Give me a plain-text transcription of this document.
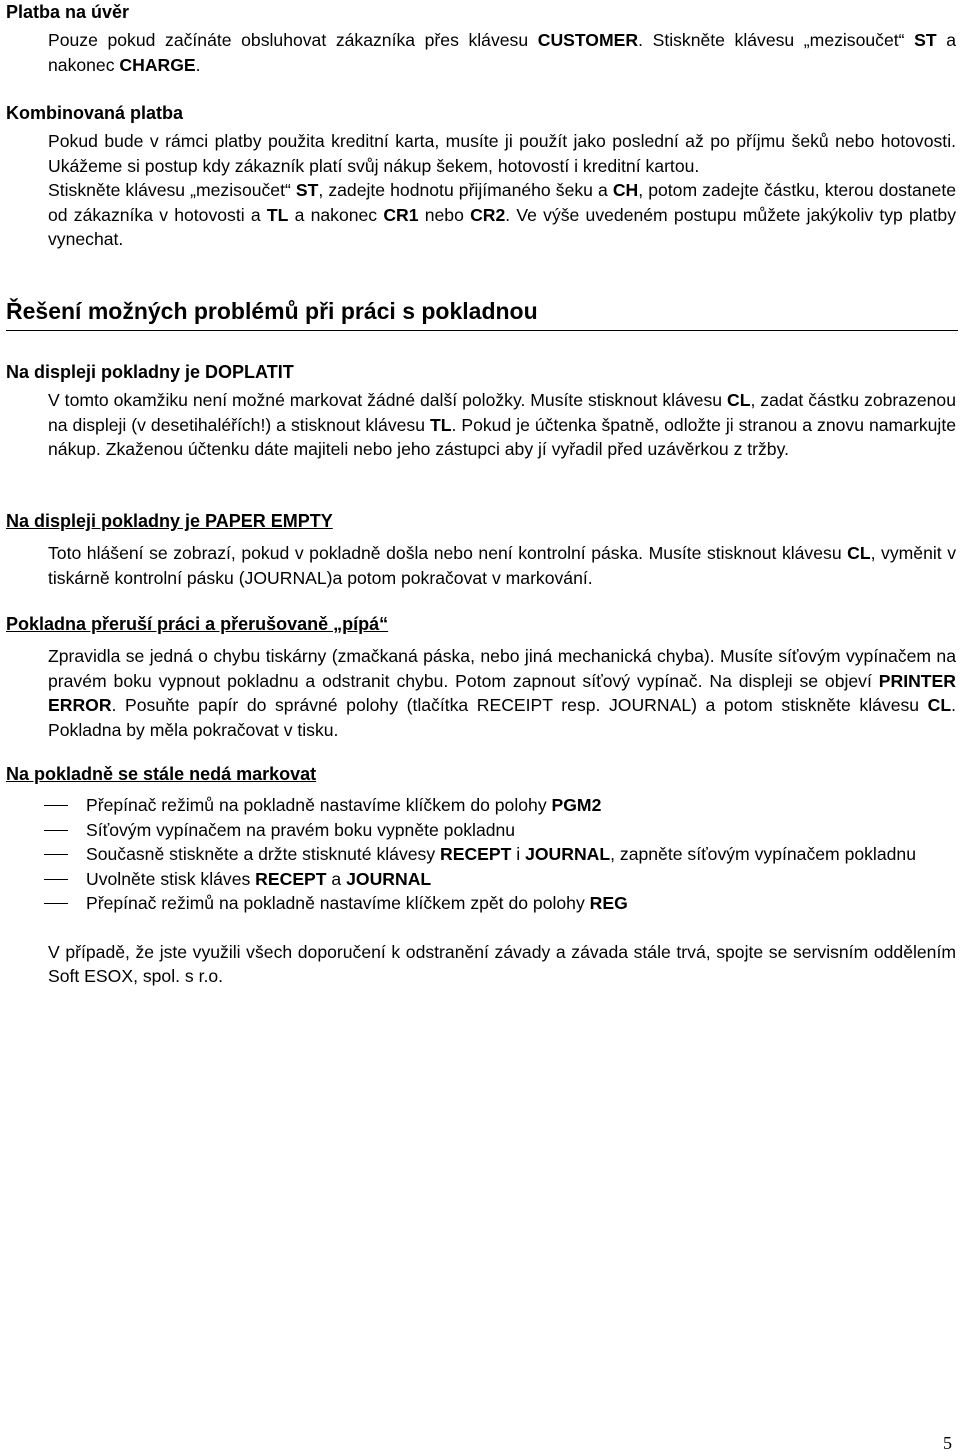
Platba na úvěr

Pouze pokud začínáte obsluhovat zákazníka přes klávesu CUSTOMER. Stiskněte klávesu „mezisoučet“ ST a nakonec CHARGE.

Kombinovaná platba

Pokud bude v rámci platby použita kreditní karta, musíte ji použít jako poslední až po příjmu šeků nebo hotovosti. Ukážeme si postup kdy zákazník platí svůj nákup šekem, hotovostí i kreditní kartou.

Stiskněte klávesu „mezisoučet“ ST, zadejte hodnotu přijímaného šeku a CH, potom zadejte částku, kterou dostanete od zákazníka v hotovosti a TL a nakonec CR1 nebo CR2. Ve výše uvedeném postupu můžete jakýkoliv typ platby vynechat.

Řešení možných problémů při práci s pokladnou
Na displeji pokladny je DOPLATIT

V tomto okamžiku není možné markovat žádné další položky. Musíte stisknout klávesu CL, zadat částku zobrazenou na displeji (v desetihaléřích!) a stisknout klávesu TL. Pokud je účtenka špatně, odložte ji stranou a znovu namarkujte nákup. Zkaženou účtenku dáte majiteli nebo jeho zástupci aby jí vyřadil před uzávěrkou z tržby.

Na displeji pokladny je PAPER EMPTY

Toto hlášení se zobrazí, pokud v pokladně došla nebo není kontrolní páska. Musíte stisknout klávesu CL, vyměnit v tiskárně kontrolní pásku (JOURNAL)a potom pokračovat v markování.

Pokladna přeruší práci a přerušovaně „pípá“

Zpravidla se jedná o chybu tiskárny (zmačkaná páska, nebo jiná mechanická chyba). Musíte síťovým vypínačem na pravém boku vypnout pokladnu a odstranit chybu. Potom zapnout síťový vypínač. Na displeji se objeví PRINTER ERROR. Posuňte papír do správné polohy (tlačítka RECEIPT resp. JOURNAL) a potom stiskněte klávesu CL. Pokladna by měla pokračovat v tisku.

Na pokladně se stále nedá markovat
Přepínač režimů na pokladně nastavíme klíčkem do polohy PGM2
Síťovým vypínačem na pravém boku vypněte pokladnu
Současně stiskněte a držte stisknuté klávesy RECEPT i JOURNAL, zapněte síťovým vypínačem pokladnu
Uvolněte stisk kláves RECEPT a JOURNAL
Přepínač režimů na pokladně nastavíme klíčkem zpět do polohy REG

V případě, že jste využili všech doporučení k odstranění závady a závada stále trvá, spojte se servisním oddělením Soft ESOX, spol. s r.o.

5
